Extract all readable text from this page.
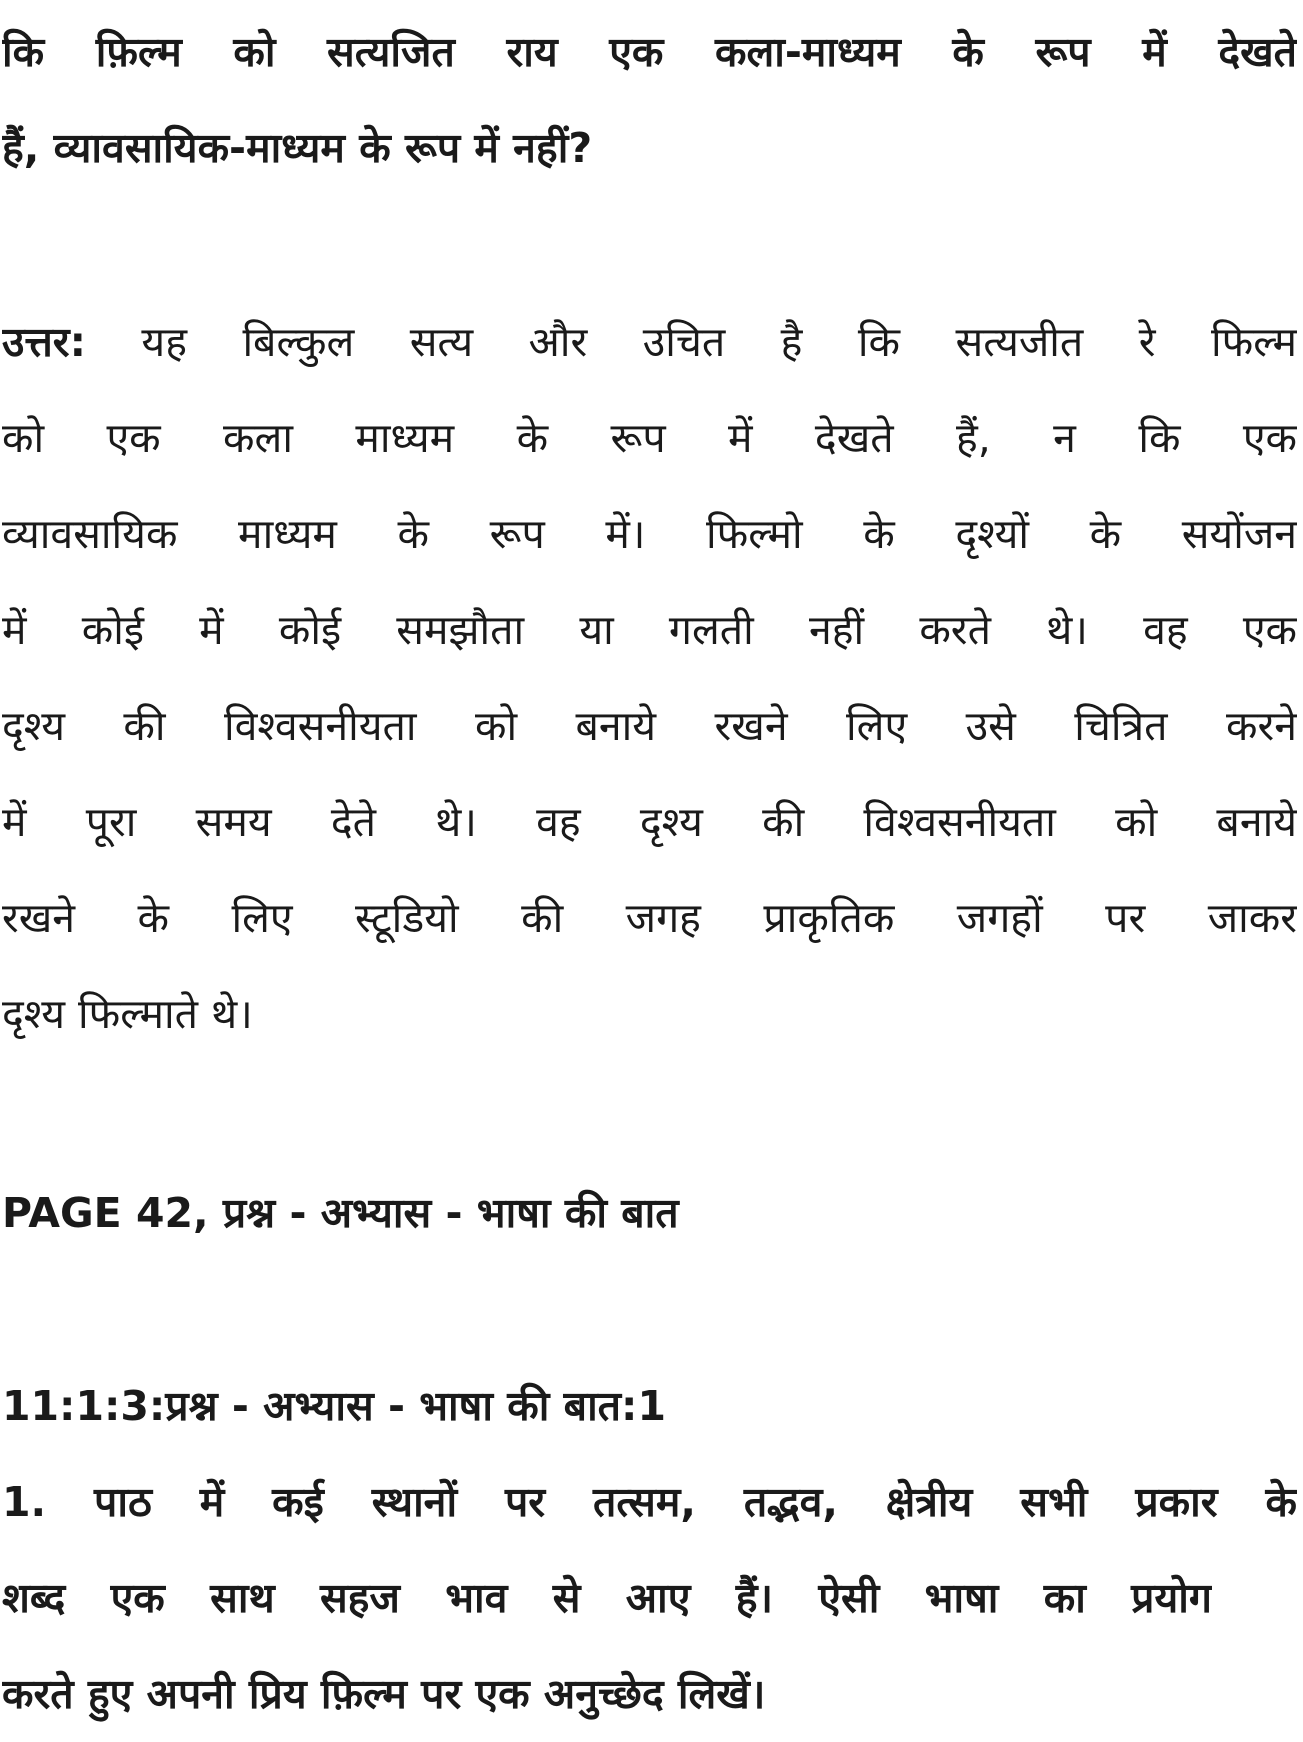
कि फ़िल्म को सत्यजित राय एक कला-माध्यम के रूप में देखते
हैं, व्यावसायिक-माध्यम के रूप में नहीं?
उत्तर: यह बिल्कुल सत्य और उचित है कि सत्यजीत रे फिल्म
को एक कला माध्यम के रूप में देखते हैं, न कि एक
व्यावसायिक माध्यम के रूप में। फिल्मो के दृश्यों के सयोंजन
में कोई में कोई समझौता या गलती नहीं करते थे। वह एक
दृश्य की विश्वसनीयता को बनाये रखने लिए उसे चित्रित करने
में पूरा समय देते थे। वह दृश्य की विश्वसनीयता को बनाये
रखने के लिए स्टूडियो की जगह प्राकृतिक जगहों पर जाकर
दृश्य फिल्माते थे।
PAGE 42, प्रश्न - अभ्यास - भाषा की बात
11:1:3:प्रश्न - अभ्यास - भाषा की बात:1
1. पाठ में कई स्थानों पर तत्सम, तद्भव, क्षेत्रीय सभी प्रकार के
शब्द एक साथ सहज भाव से आए हैं। ऐसी भाषा का प्रयोग
करते हुए अपनी प्रिय फ़िल्म पर एक अनुच्छेद लिखें।
